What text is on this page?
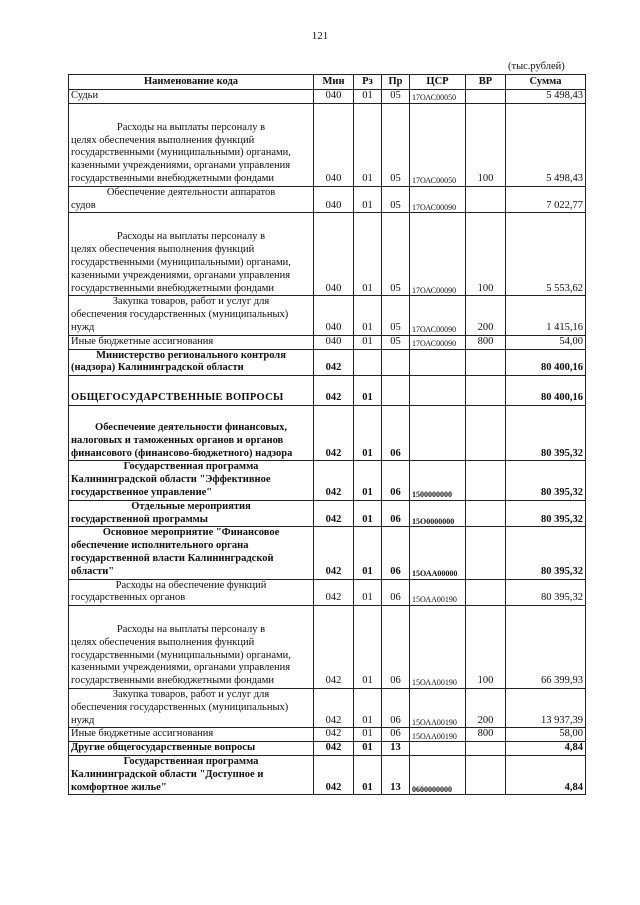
121
(тыс.рублей)
Наименование кода	Мин	Рз	Пр	ЦСР	ВР	Сумма

Судьи	040	01	05	17ОАС00050		5 498,43

Расходы на выплаты персоналу в
целях обеспечения выполнения функций
государственными (муниципальными) органами,
казенными учреждениями, органами управления
государственными внебюджетными фондами	040	01	05	17ОАС00050	100	5 498,43

Обеспечение деятельности аппаратов
судов	040	01	05	17ОАС00090		7 022,77

Расходы на выплаты персоналу в
целях обеспечения выполнения функций
государственными (муниципальными) органами,
казенными учреждениями, органами управления
государственными внебюджетными фондами	040	01	05	17ОАС00090	100	5 553,62

Закупка товаров, работ и услуг для
обеспечения государственных (муниципальных)
нужд	040	01	05	17ОАС00090	200	1 415,16

Иные бюджетные ассигнования	040	01	05	17ОАС00090	800	54,00

Министерство регионального контроля
(надзора) Калининградской области	042					80 400,16

ОБЩЕГОСУДАРСТВЕННЫЕ ВОПРОСЫ	042	01				80 400,16

Обеспечение деятельности финансовых,
налоговых и таможенных органов и органов
финансового (финансово-бюджетного) надзора	042	01	06			80 395,32

Государственная программа
Калининградской области "Эффективное
государственное управление"	042	01	06	1500000000		80 395,32

Отдельные мероприятия
государственной программы	042	01	06	15О0000000		80 395,32

Основное мероприятие "Финансовое
обеспечение исполнительного органа
государственной власти Калининградской
области"	042	01	06	15ОАА00000		80 395,32

Расходы на обеспечение функций
государственных органов	042	01	06	15ОАА00190		80 395,32

Расходы на выплаты персоналу в
целях обеспечения выполнения функций
государственными (муниципальными) органами,
казенными учреждениями, органами управления
государственными внебюджетными фондами	042	01	06	15ОАА00190	100	66 399,93

Закупка товаров, работ и услуг для
обеспечения государственных (муниципальных)
нужд	042	01	06	15ОАА00190	200	13 937,39

Иные бюджетные ассигнования	042	01	06	15ОАА00190	800	58,00

Другие общегосударственные вопросы	042	01	13			4,84

Государственная программа
Калининградской области "Доступное и
комфортное жилье"	042	01	13	0600000000		4,84
